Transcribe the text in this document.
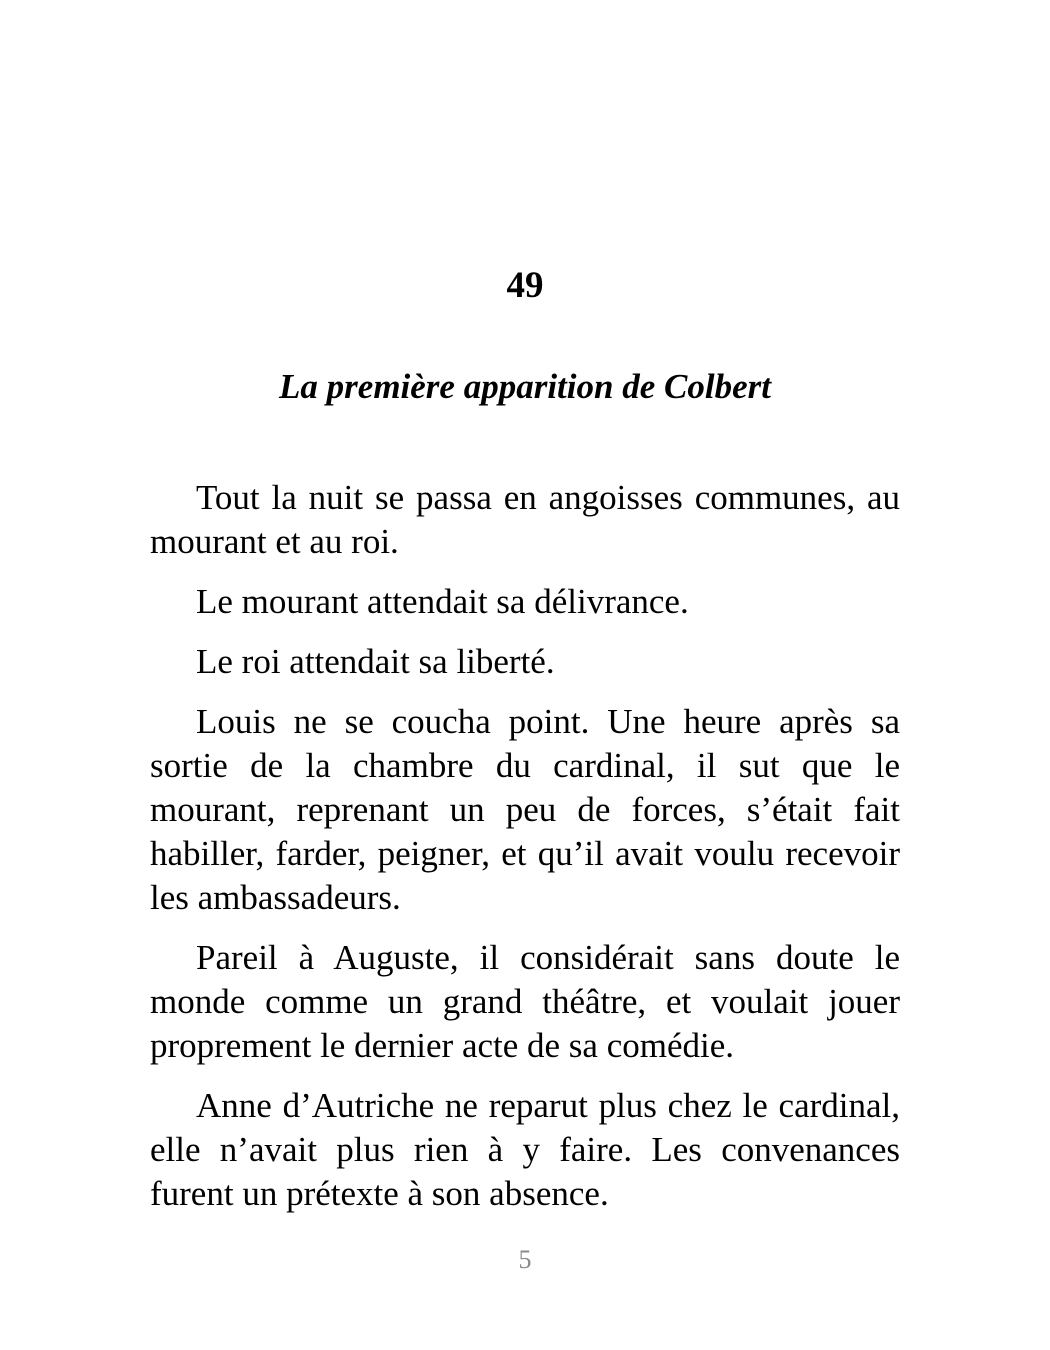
49
La première apparition de Colbert

Tout la nuit se passa en angoisses communes, au mourant et au roi.

Le mourant attendait sa délivrance.

Le roi attendait sa liberté.

Louis ne se coucha point. Une heure après sa sortie de la chambre du cardinal, il sut que le mourant, reprenant un peu de forces, s’était fait habiller, farder, peigner, et qu’il avait voulu recevoir les ambassadeurs.

Pareil à Auguste, il considérait sans doute le monde comme un grand théâtre, et voulait jouer proprement le dernier acte de sa comédie.

Anne d’Autriche ne reparut plus chez le cardinal, elle n’avait plus rien à y faire. Les convenances furent un prétexte à son absence.

5
